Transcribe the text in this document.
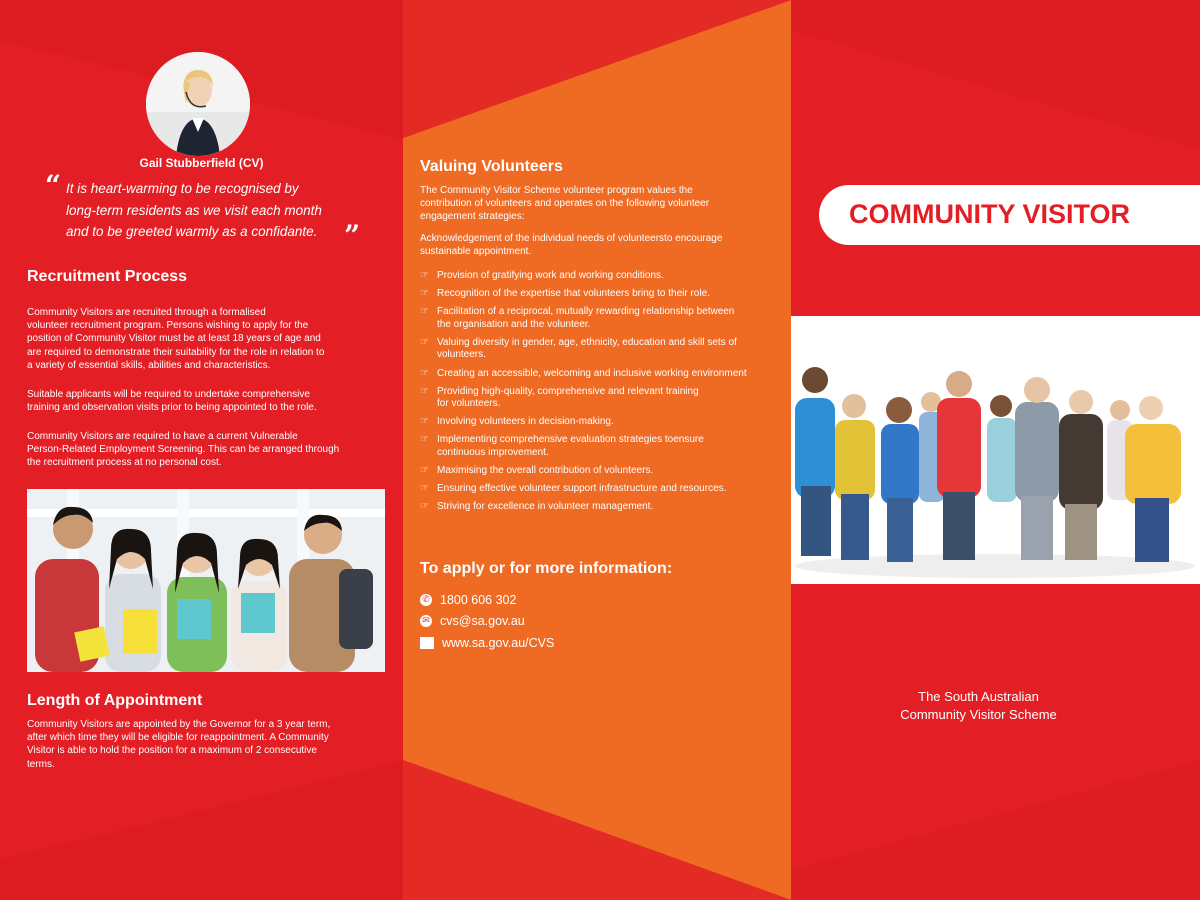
Gail Stubberfield (CV)
“ It is heart-warming to be recognised by
long-term residents as we visit each month
and to be greeted warmly as a confidante. ”
Recruitment Process

Community Visitors are recruited through a formalised
volunteer recruitment program. Persons wishing to apply for the
position of Community Visitor must be at least 18 years of age and
are required to demonstrate their suitability for the role in relation to
a variety of essential skills, abilities and characteristics.

Suitable applicants will be required to undertake comprehensive
training and observation visits prior to being appointed to the role.

Community Visitors are required to have a current Vulnerable
Person-Related Employment Screening. This can be arranged through
the recruitment process at no personal cost.

Length of Appointment

Community Visitors are appointed by the Governor for a 3 year term,
after which time they will be eligible for reappointment. A Community
Visitor is able to hold the position for a maximum of 2 consecutive
terms.

Valuing Volunteers

The Community Visitor Scheme volunteer program values the
contribution of volunteers and operates on the following volunteer
engagement strategies:

Acknowledgement of the individual needs of volunteersto encourage
sustainable appointment.

☞ Provision of gratifying work and working conditions.
☞ Recognition of the expertise that volunteers bring to their role.
☞ Facilitation of a reciprocal, mutually rewarding relationship between
the organisation and the volunteer.
☞ Valuing diversity in gender, age, ethnicity, education and skill sets of
volunteers.
☞ Creating an accessible, welcoming and inclusive working environment
☞ Providing high-quality, comprehensive and relevant training
for volunteers.
☞ Involving volunteers in decision-making.
☞ Implementing comprehensive evaluation strategies toensure
continuous improvement.
☞ Maximising the overall contribution of volunteers.
☞ Ensuring effective volunteer support infrastructure and resources.
☞ Striving for excellence in volunteer management.
To apply or for more information:
✆ 1800 606 302
✉ cvs@sa.gov.au
www.sa.gov.au/CVS
COMMUNITY VISITOR
The South Australian
Community Visitor Scheme
